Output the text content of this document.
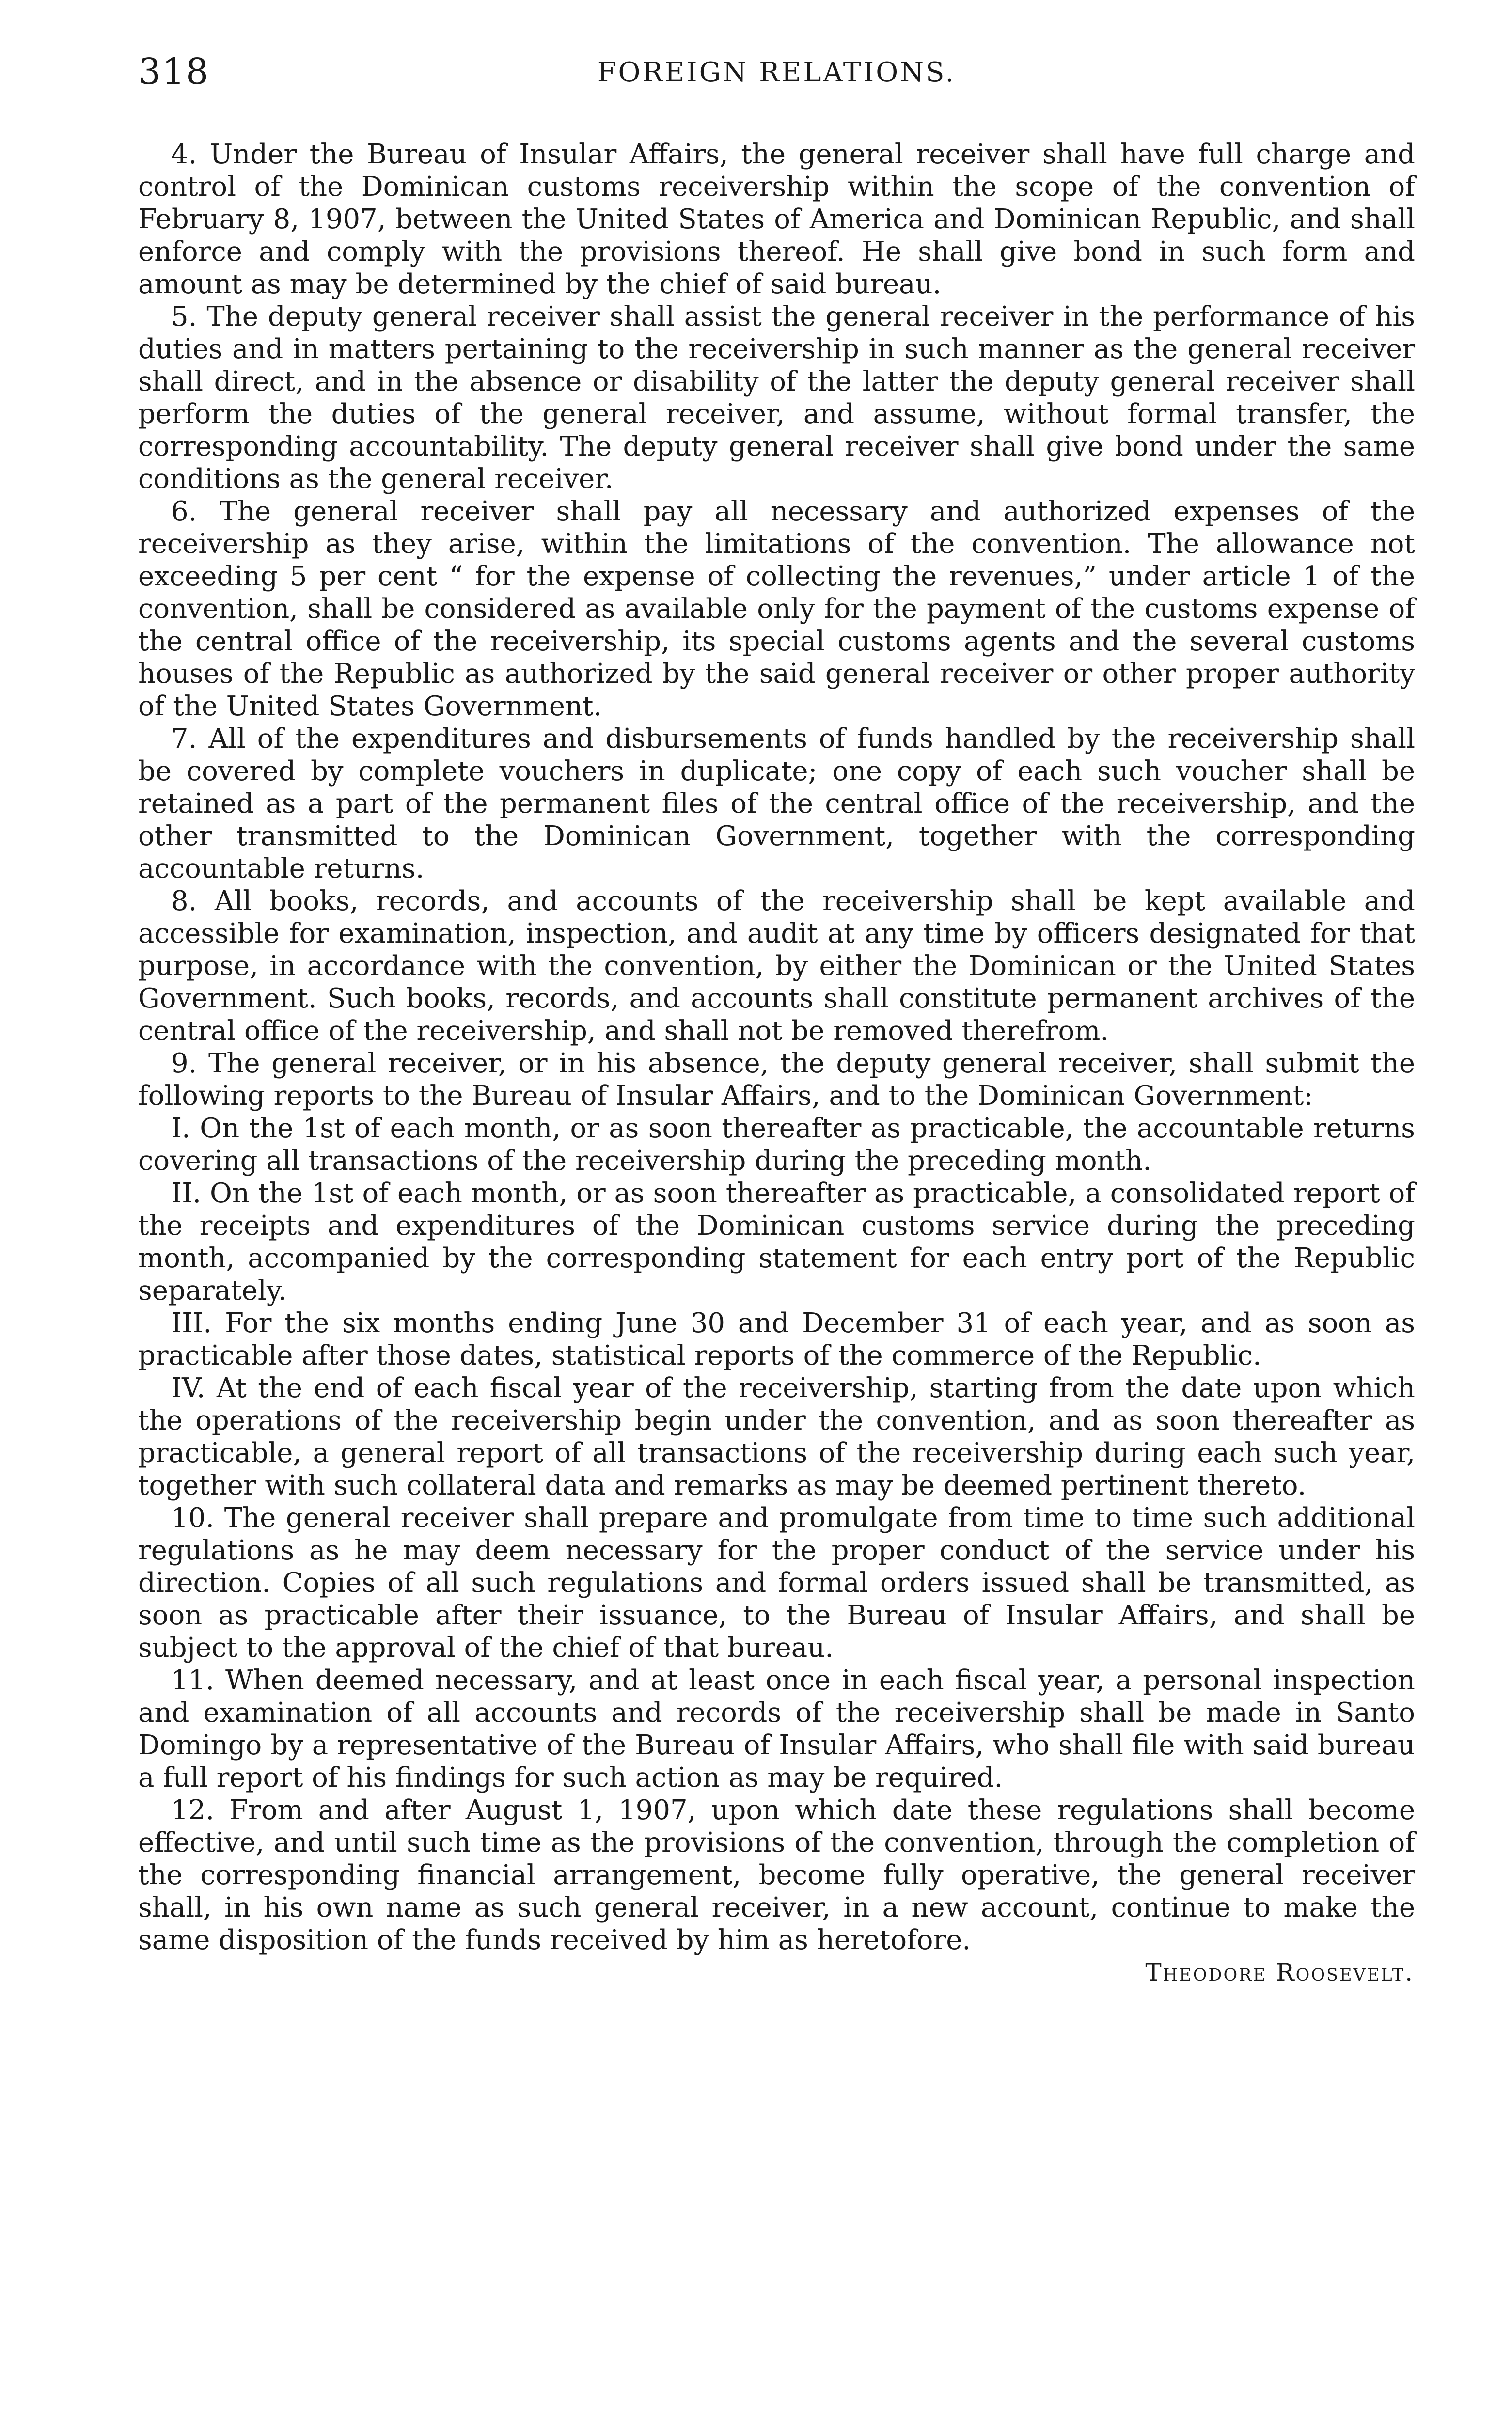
318	FOREIGN RELATIONS.

4. Under the Bureau of Insular Affairs, the general receiver shall have full charge and control of the Dominican customs receivership within the scope of the convention of February 8, 1907, between the United States of America and Dominican Republic, and shall enforce and comply with the provisions thereof. He shall give bond in such form and amount as may be determined by the chief of said bureau.

5. The deputy general receiver shall assist the general receiver in the performance of his duties and in matters pertaining to the receivership in such manner as the general receiver shall direct, and in the absence or disability of the latter the deputy general receiver shall perform the duties of the general receiver, and assume, without formal transfer, the corresponding accountability. The deputy general receiver shall give bond under the same conditions as the general receiver.

6. The general receiver shall pay all necessary and authorized expenses of the receivership as they arise, within the limitations of the convention. The allowance not exceeding 5 per cent “ for the expense of collecting the revenues,” under article 1 of the convention, shall be considered as available only for the payment of the customs expense of the central office of the receivership, its special customs agents and the several customs houses of the Republic as authorized by the said general receiver or other proper authority of the United States Government.

7. All of the expenditures and disbursements of funds handled by the receivership shall be covered by complete vouchers in duplicate; one copy of each such voucher shall be retained as a part of the permanent files of the central office of the receivership, and the other transmitted to the Dominican Government, together with the corresponding accountable returns.

8. All books, records, and accounts of the receivership shall be kept available and accessible for examination, inspection, and audit at any time by officers designated for that purpose, in accordance with the convention, by either the Dominican or the United States Government. Such books, records, and accounts shall constitute permanent archives of the central office of the receivership, and shall not be removed therefrom.

9. The general receiver, or in his absence, the deputy general receiver, shall submit the following reports to the Bureau of Insular Affairs, and to the Dominican Government:

I. On the 1st of each month, or as soon thereafter as practicable, the accountable returns covering all transactions of the receivership during the preceding month.

II. On the 1st of each month, or as soon thereafter as practicable, a consolidated report of the receipts and expenditures of the Dominican customs service during the preceding month, accompanied by the corresponding statement for each entry port of the Republic separately.

III. For the six months ending June 30 and December 31 of each year, and as soon as practicable after those dates, statistical reports of the commerce of the Republic.

IV. At the end of each fiscal year of the receivership, starting from the date upon which the operations of the receivership begin under the convention, and as soon thereafter as practicable, a general report of all transactions of the receivership during each such year, together with such collateral data and remarks as may be deemed pertinent thereto.

10. The general receiver shall prepare and promulgate from time to time such additional regulations as he may deem necessary for the proper conduct of the service under his direction. Copies of all such regulations and formal orders issued shall be transmitted, as soon as practicable after their issuance, to the Bureau of Insular Affairs, and shall be subject to the approval of the chief of that bureau.

11. When deemed necessary, and at least once in each fiscal year, a personal inspection and examination of all accounts and records of the receivership shall be made in Santo Domingo by a representative of the Bureau of Insular Affairs, who shall file with said bureau a full report of his findings for such action as may be required.

12. From and after August 1, 1907, upon which date these regulations shall become effective, and until such time as the provisions of the convention, through the completion of the corresponding financial arrangement, become fully operative, the general receiver shall, in his own name as such general receiver, in a new account, continue to make the same disposition of the funds received by him as heretofore.

Theodore Roosevelt.
